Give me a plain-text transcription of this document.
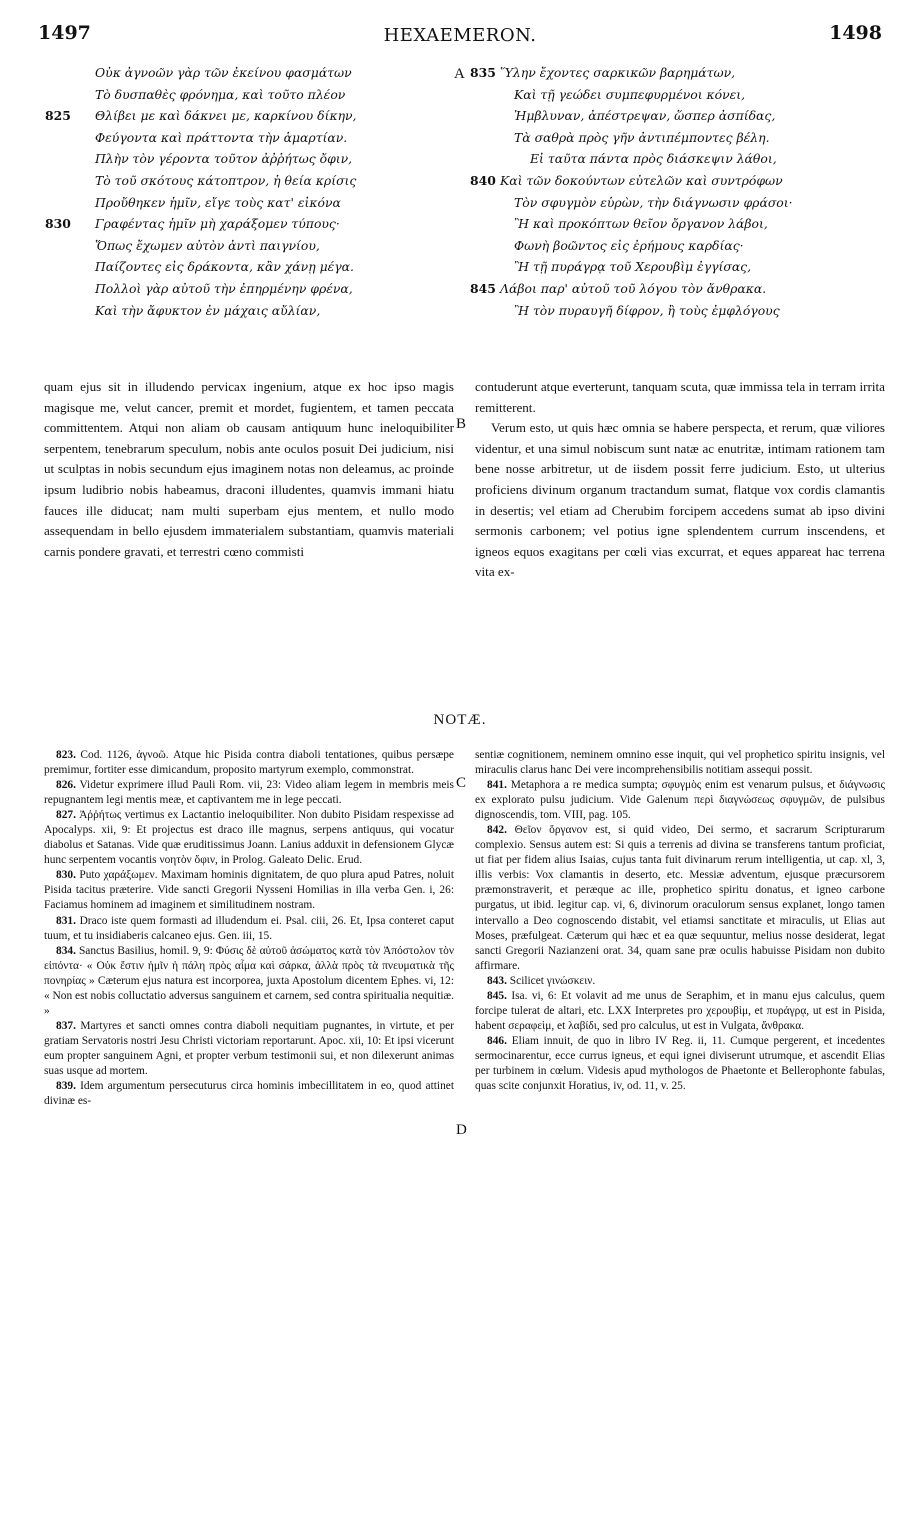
1497	HEXAEMERON.	1498
A
B
C
D
Οὐκ ἀγνοῶν γὰρ τῶν ἐκείνου φασμάτων
Τὸ δυσπαθὲς φρόνημα, καὶ τοῦτο πλέον
825 Θλίβει με καὶ δάκνει με, καρκίνου δίκην,
Φεύγοντα καὶ πράττοντα τὴν ἁμαρτίαν.
Πλὴν τὸν γέροντα τοῦτον ἀῤῥήτως ὄφιν,
Τὸ τοῦ σκότους κάτοπτρον, ἡ θεία κρίσις
Προὔθηκεν ἡμῖν, εἴγε τοὺς κατ' εἰκόνα
830 Γραφέντας ἡμῖν μὴ χαράξομεν τύπους·
Ὅπως ἔχωμεν αὐτὸν ἀντὶ παιγνίου,
Παίζοντες εἰς δράκοντα, κἂν χάνῃ μέγα.
Πολλοὶ γὰρ αὐτοῦ τὴν ἐπηρμένην φρένα,
Καὶ τὴν ἄφυκτον ἐν μάχαις αὔλίαν,
835 Ὕλην ἔχοντες σαρκικῶν βαρημάτων,
Καὶ τῇ γεώδει συμπεφυρμένοι κόνει,
Ἠμβλυναν, ἀπέστρεψαν, ὥσπερ ἀσπίδας,
Τὰ σαθρὰ πρὸς γῆν ἀντιπέμποντες βέλη.
Εἰ ταῦτα πάντα πρὸς διάσκεψιν λάθοι,
840 Καὶ τῶν δοκούντων εὐτελῶν καὶ συντρόφων
Τὸν σφυγμὸν εὑρὼν, τὴν διάγνωσιν φράσοι·
Ἢ καὶ προκόπτων θεῖον ὄργανον λάβοι,
Φωνὴ βοῶντος εἰς ἐρήμους καρδίας·
Ἢ τῇ πυράγρᾳ τοῦ Χερουβὶμ ἐγγίσας,
845 Λάβοι παρ' αὐτοῦ τοῦ λόγου τὸν ἄνθρακα.
Ἢ τὸν πυραυγῆ δίφρον, ἢ τοὺς ἐμφλόγους

quam ejus sit in illudendo pervicax ingenium, atque ex hoc ipso magis magisque me, velut cancer, premit et mordet, fugientem, et tamen peccata committentem. Atqui non aliam ob causam antiquum hunc ineloquibiliter serpentem, tenebrarum speculum, nobis ante oculos posuit Dei judicium, nisi ut sculptas in nobis secundum ejus imaginem notas non deleamus, ac proinde ipsum ludibrio nobis habeamus, draconi illudentes, quamvis immani hiatu fauces ille diducat; nam multi superbam ejus mentem, et nullo modo assequendam in bello ejusdem immaterialem substantiam, quamvis materiali carnis pondere gravati, et terrestri cœno commisti

contuderunt atque everterunt, tanquam scuta, quæ immissa tela in terram irrita remitterent.

Verum esto, ut quis hæc omnia se habere perspecta, et rerum, quæ viliores videntur, et una simul nobiscum sunt natæ ac enutritæ, intimam rationem tam bene nosse arbitretur, ut de iisdem possit ferre judicium. Esto, ut ulterius proficiens divinum organum tractandum sumat, flatque vox cordis clamantis in desertis; vel etiam ad Cherubim forcipem accedens sumat ab ipso divini sermonis carbonem; vel potius igne splendentem currum inscendens, et igneos equos exagitans per cœli vias excurrat, et eques appareat hac terrena vita ex-

NOTÆ.

823. Cod. 1126, ἀγνοῶ. Atque hic Pisida contra diaboli tentationes, quibus persæpe premimur, fortiter esse dimicandum, proposito martyrum exemplo, commonstrat.

826. Videtur exprimere illud Pauli Rom. vii, 23: Video aliam legem in membris meis repugnantem legi mentis meæ, et captivantem me in lege peccati.

827. Ἀῤῥήτως vertimus ex Lactantio ineloquibiliter. Non dubito Pisidam respexisse ad Apocalyps. xii, 9: Et projectus est draco ille magnus, serpens antiquus, qui vocatur diabolus et Satanas. Vide quæ eruditissimus Joann. Lanius adduxit in defensionem Glycæ hunc serpentem vocantis νοητὸν ὄφιν, in Prolog. Galeato Delic. Erud.

830. Puto χαράξωμεν. Maximam hominis dignitatem, de quo plura apud Patres, noluit Pisida tacitus præterire. Vide sancti Gregorii Nysseni Homilias in illa verba Gen. i, 26: Faciamus hominem ad imaginem et similitudinem nostram.

831. Draco iste quem formasti ad illudendum ei. Psal. ciii, 26. Et, Ipsa conteret caput tuum, et tu insidiaberis calcaneo ejus. Gen. iii, 15.

834. Sanctus Basilius, homil. 9, 9: Φύσις δὲ αὐτοῦ ἀσώματος κατὰ τὸν Ἀπόστολον τὸν εἰπόντα· « Οὐκ ἔστιν ἡμῖν ἡ πάλη πρὸς αἷμα καὶ σάρκα, ἀλλὰ πρὸς τὰ πνευματικὰ τῆς πονηρίας » Cæterum ejus natura est incorporea, juxta Apostolum dicentem Ephes. vi, 12: « Non est nobis colluctatio adversus sanguinem et carnem, sed contra spiritualia nequitiæ. »

837. Martyres et sancti omnes contra diaboli nequitiam pugnantes, in virtute, et per gratiam Servatoris nostri Jesu Christi victoriam reportarunt. Apoc. xii, 10: Et ipsi vicerunt eum propter sanguinem Agni, et propter verbum testimonii sui, et non dilexerunt animas suas usque ad mortem.

839. Idem argumentum persecuturus circa hominis imbecillitatem in eo, quod attinet divinæ es-

sentiæ cognitionem, neminem omnino esse inquit, qui vel prophetico spiritu insignis, vel miraculis clarus hanc Dei vere incomprehensibilis notitiam assequi possit.

841. Metaphora a re medica sumpta; σφυγμὸς enim est venarum pulsus, et διάγνωσις ex explorato pulsu judicium. Vide Galenum περὶ διαγνώσεως σφυγμῶν, de pulsibus dignoscendis, tom. VIII, pag. 105.

842. Θεῖον ὄργανον est, si quid video, Dei sermo, et sacrarum Scripturarum complexio. Sensus autem est: Si quis a terrenis ad divina se transferens tantum proficiat, ut fiat per fidem alius Isaias, cujus tanta fuit divinarum rerum intelligentia, ut cap. xl, 3, illis verbis: Vox clamantis in deserto, etc. Messiæ adventum, ejusque præcursorem præmonstraverit, et peræque ac ille, prophetico spiritu donatus, et igneo carbone purgatus, ut ibid. legitur cap. vi, 6, divinorum oraculorum sensus explanet, longo tamen intervallo a Deo cognoscendo distabit, vel etiamsi sanctitate et miraculis, ut Elias aut Moses, præfulgeat. Cæterum qui hæc et ea quæ sequuntur, melius nosse desiderat, legat sancti Gregorii Nazianzeni orat. 34, quam sane præ oculis habuisse Pisidam non dubito affirmare.

843. Scilicet γινώσκειν.

845. Isa. vi, 6: Et volavit ad me unus de Seraphim, et in manu ejus calculus, quem forcipe tulerat de altari, etc. LXX Interpretes pro χερουβὶμ, et πυράγρᾳ, ut est in Pisida, habent σεραφεὶμ, et λαβίδι, sed pro calculus, ut est in Vulgata, ἄνθρακα.

846. Eliam innuit, de quo in libro IV Reg. ii, 11. Cumque pergerent, et incedentes sermocinarentur, ecce currus igneus, et equi ignei diviserunt utrumque, et ascendit Elias per turbinem in cœlum. Videsis apud mythologos de Phaetonte et Bellerophonte fabulas, quas scite conjunxit Horatius, iv, od. 11, v. 25.
